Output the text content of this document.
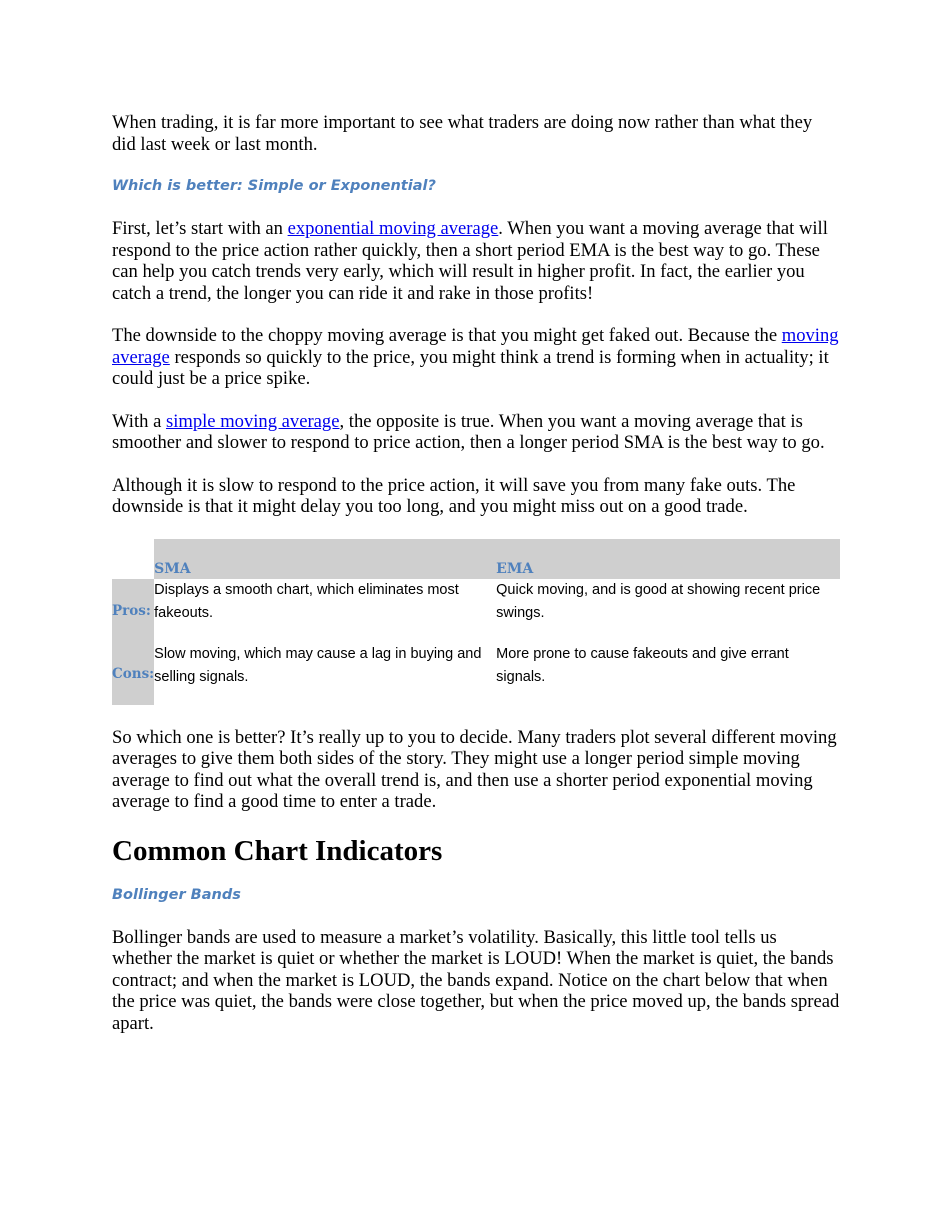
When trading, it is far more important to see what traders are doing now rather than what they did last week or last month.

Which is better: Simple or Exponential?

First, let’s start with an exponential moving average. When you want a moving average that will respond to the price action rather quickly, then a short period EMA is the best way to go. These can help you catch trends very early, which will result in higher profit. In fact, the earlier you catch a trend, the longer you can ride it and rake in those profits!

The downside to the choppy moving average is that you might get faked out. Because the moving average responds so quickly to the price, you might think a trend is forming when in actuality; it could just be a price spike.

With a simple moving average, the opposite is true. When you want a moving average that is smoother and slower to respond to price action, then a longer period SMA is the best way to go.

Although it is slow to respond to the price action, it will save you from many fake outs. The downside is that it might delay you too long, and you might miss out on a good trade.

	SMA	EMA

Pros:	Displays a smooth chart, which eliminates most fakeouts.	Quick moving, and is good at showing recent price swings.
Cons:	Slow moving, which may cause a lag in buying and selling signals.	More prone to cause fakeouts and give errant signals.

So which one is better? It’s really up to you to decide. Many traders plot several different moving averages to give them both sides of the story. They might use a longer period simple moving average to find out what the overall trend is, and then use a shorter period exponential moving average to find a good time to enter a trade.

Common Chart Indicators
Bollinger Bands

Bollinger bands are used to measure a market’s volatility. Basically, this little tool tells us whether the market is quiet or whether the market is LOUD! When the market is quiet, the bands contract; and when the market is LOUD, the bands expand. Notice on the chart below that when the price was quiet, the bands were close together, but when the price moved up, the bands spread apart.
